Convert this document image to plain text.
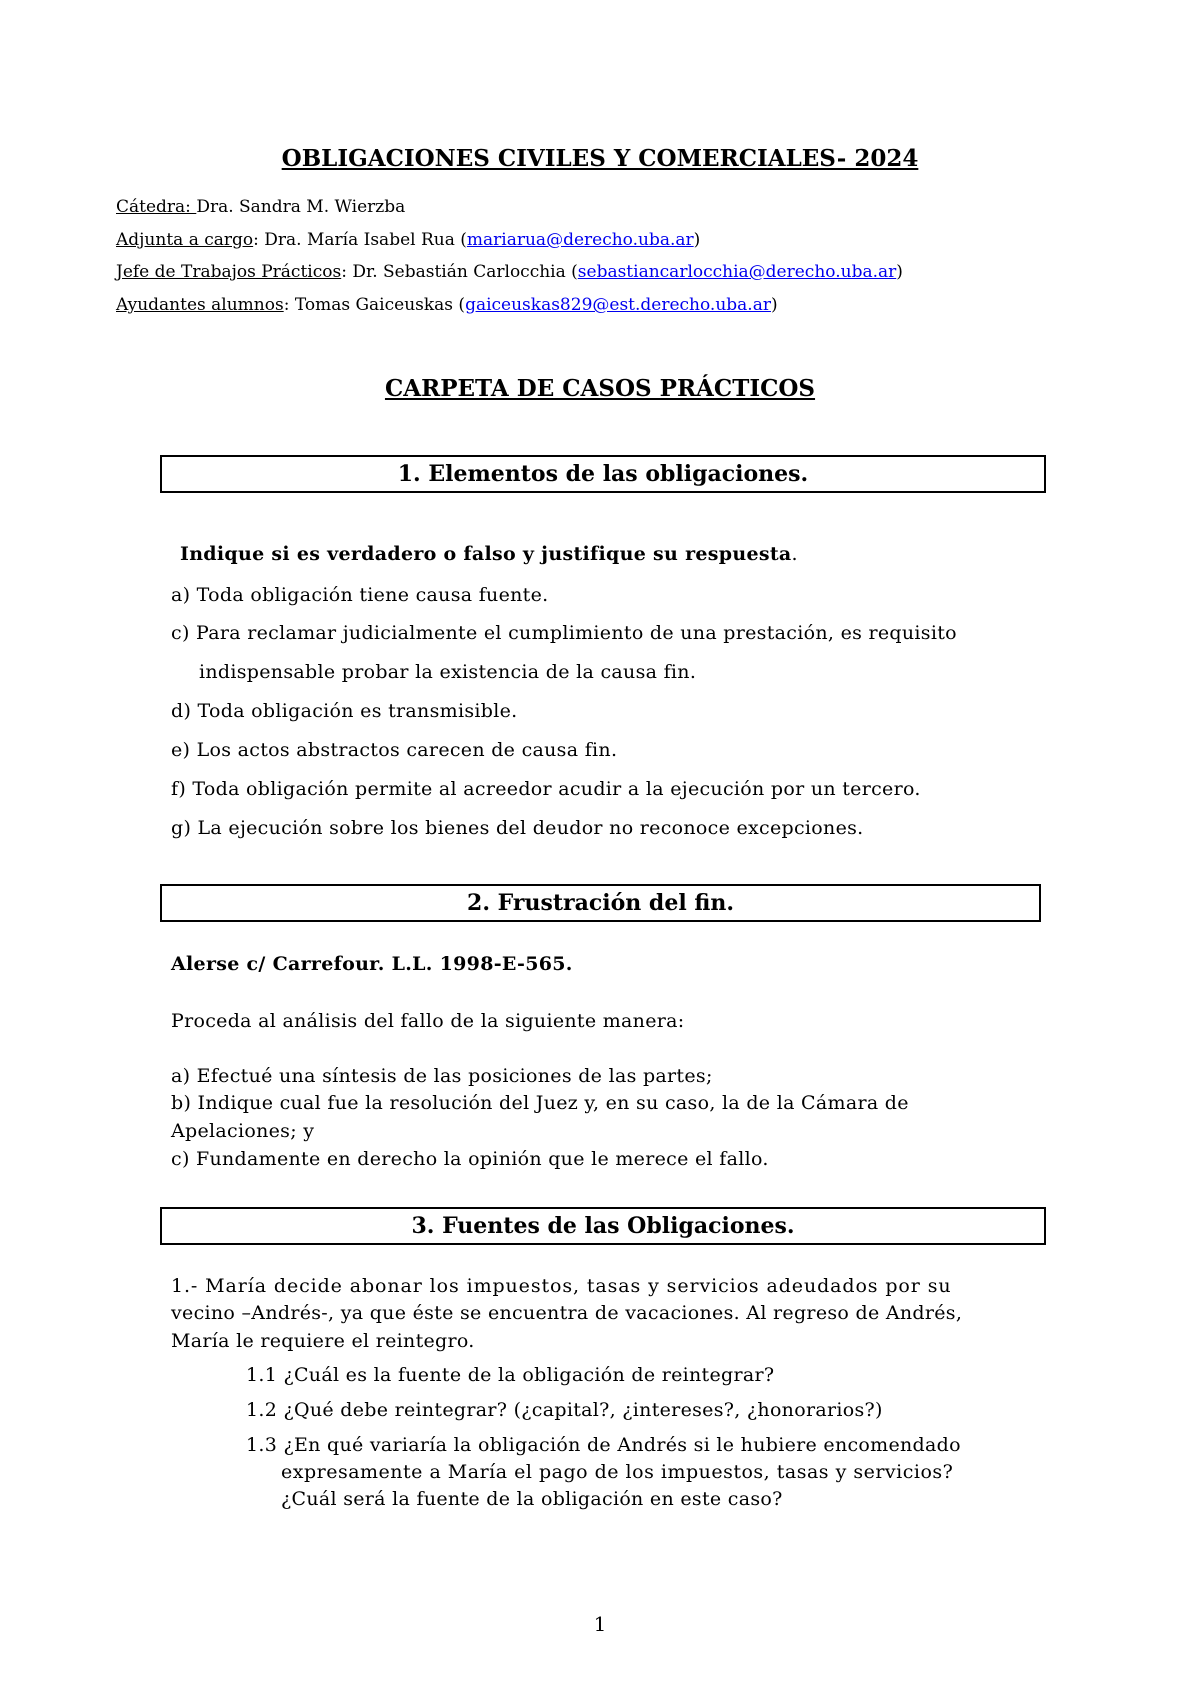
OBLIGACIONES CIVILES Y COMERCIALES- 2024
Cátedra: Dra. Sandra M. Wierzba
Adjunta a cargo: Dra. María Isabel Rua (mariarua@derecho.uba.ar)
Jefe de Trabajos Prácticos: Dr. Sebastián Carlocchia (sebastiancarlocchia@derecho.uba.ar)
Ayudantes alumnos: Tomas Gaiceuskas (gaiceuskas829@est.derecho.uba.ar)
CARPETA DE CASOS PRÁCTICOS
1. Elementos de las obligaciones.
Indique si es verdadero o falso y justifique su respuesta.
a) Toda obligación tiene causa fuente.
c) Para reclamar judicialmente el cumplimiento de una prestación, es requisito
indispensable probar la existencia de la causa fin.
d) Toda obligación es transmisible.
e) Los actos abstractos carecen de causa fin.
f) Toda obligación permite al acreedor acudir a la ejecución por un tercero.
g) La ejecución sobre los bienes del deudor no reconoce excepciones.
2. Frustración del fin.
Alerse c/ Carrefour. L.L. 1998-E-565.
Proceda al análisis del fallo de la siguiente manera:
a) Efectué una síntesis de las posiciones de las partes;
b) Indique cual fue la resolución del Juez y, en su caso, la de la Cámara de
Apelaciones; y
c) Fundamente en derecho la opinión que le merece el fallo.
3. Fuentes de las Obligaciones.
1.- María decide abonar los impuestos, tasas y servicios adeudados por su
vecino –Andrés-, ya que éste se encuentra de vacaciones. Al regreso de Andrés,
María le requiere el reintegro.
1.1 ¿Cuál es la fuente de la obligación de reintegrar?
1.2 ¿Qué debe reintegrar? (¿capital?, ¿intereses?, ¿honorarios?)
1.3 ¿En qué variaría la obligación de Andrés si le hubiere encomendado
expresamente a María el pago de los impuestos, tasas y servicios?
¿Cuál será la fuente de la obligación en este caso?
1
